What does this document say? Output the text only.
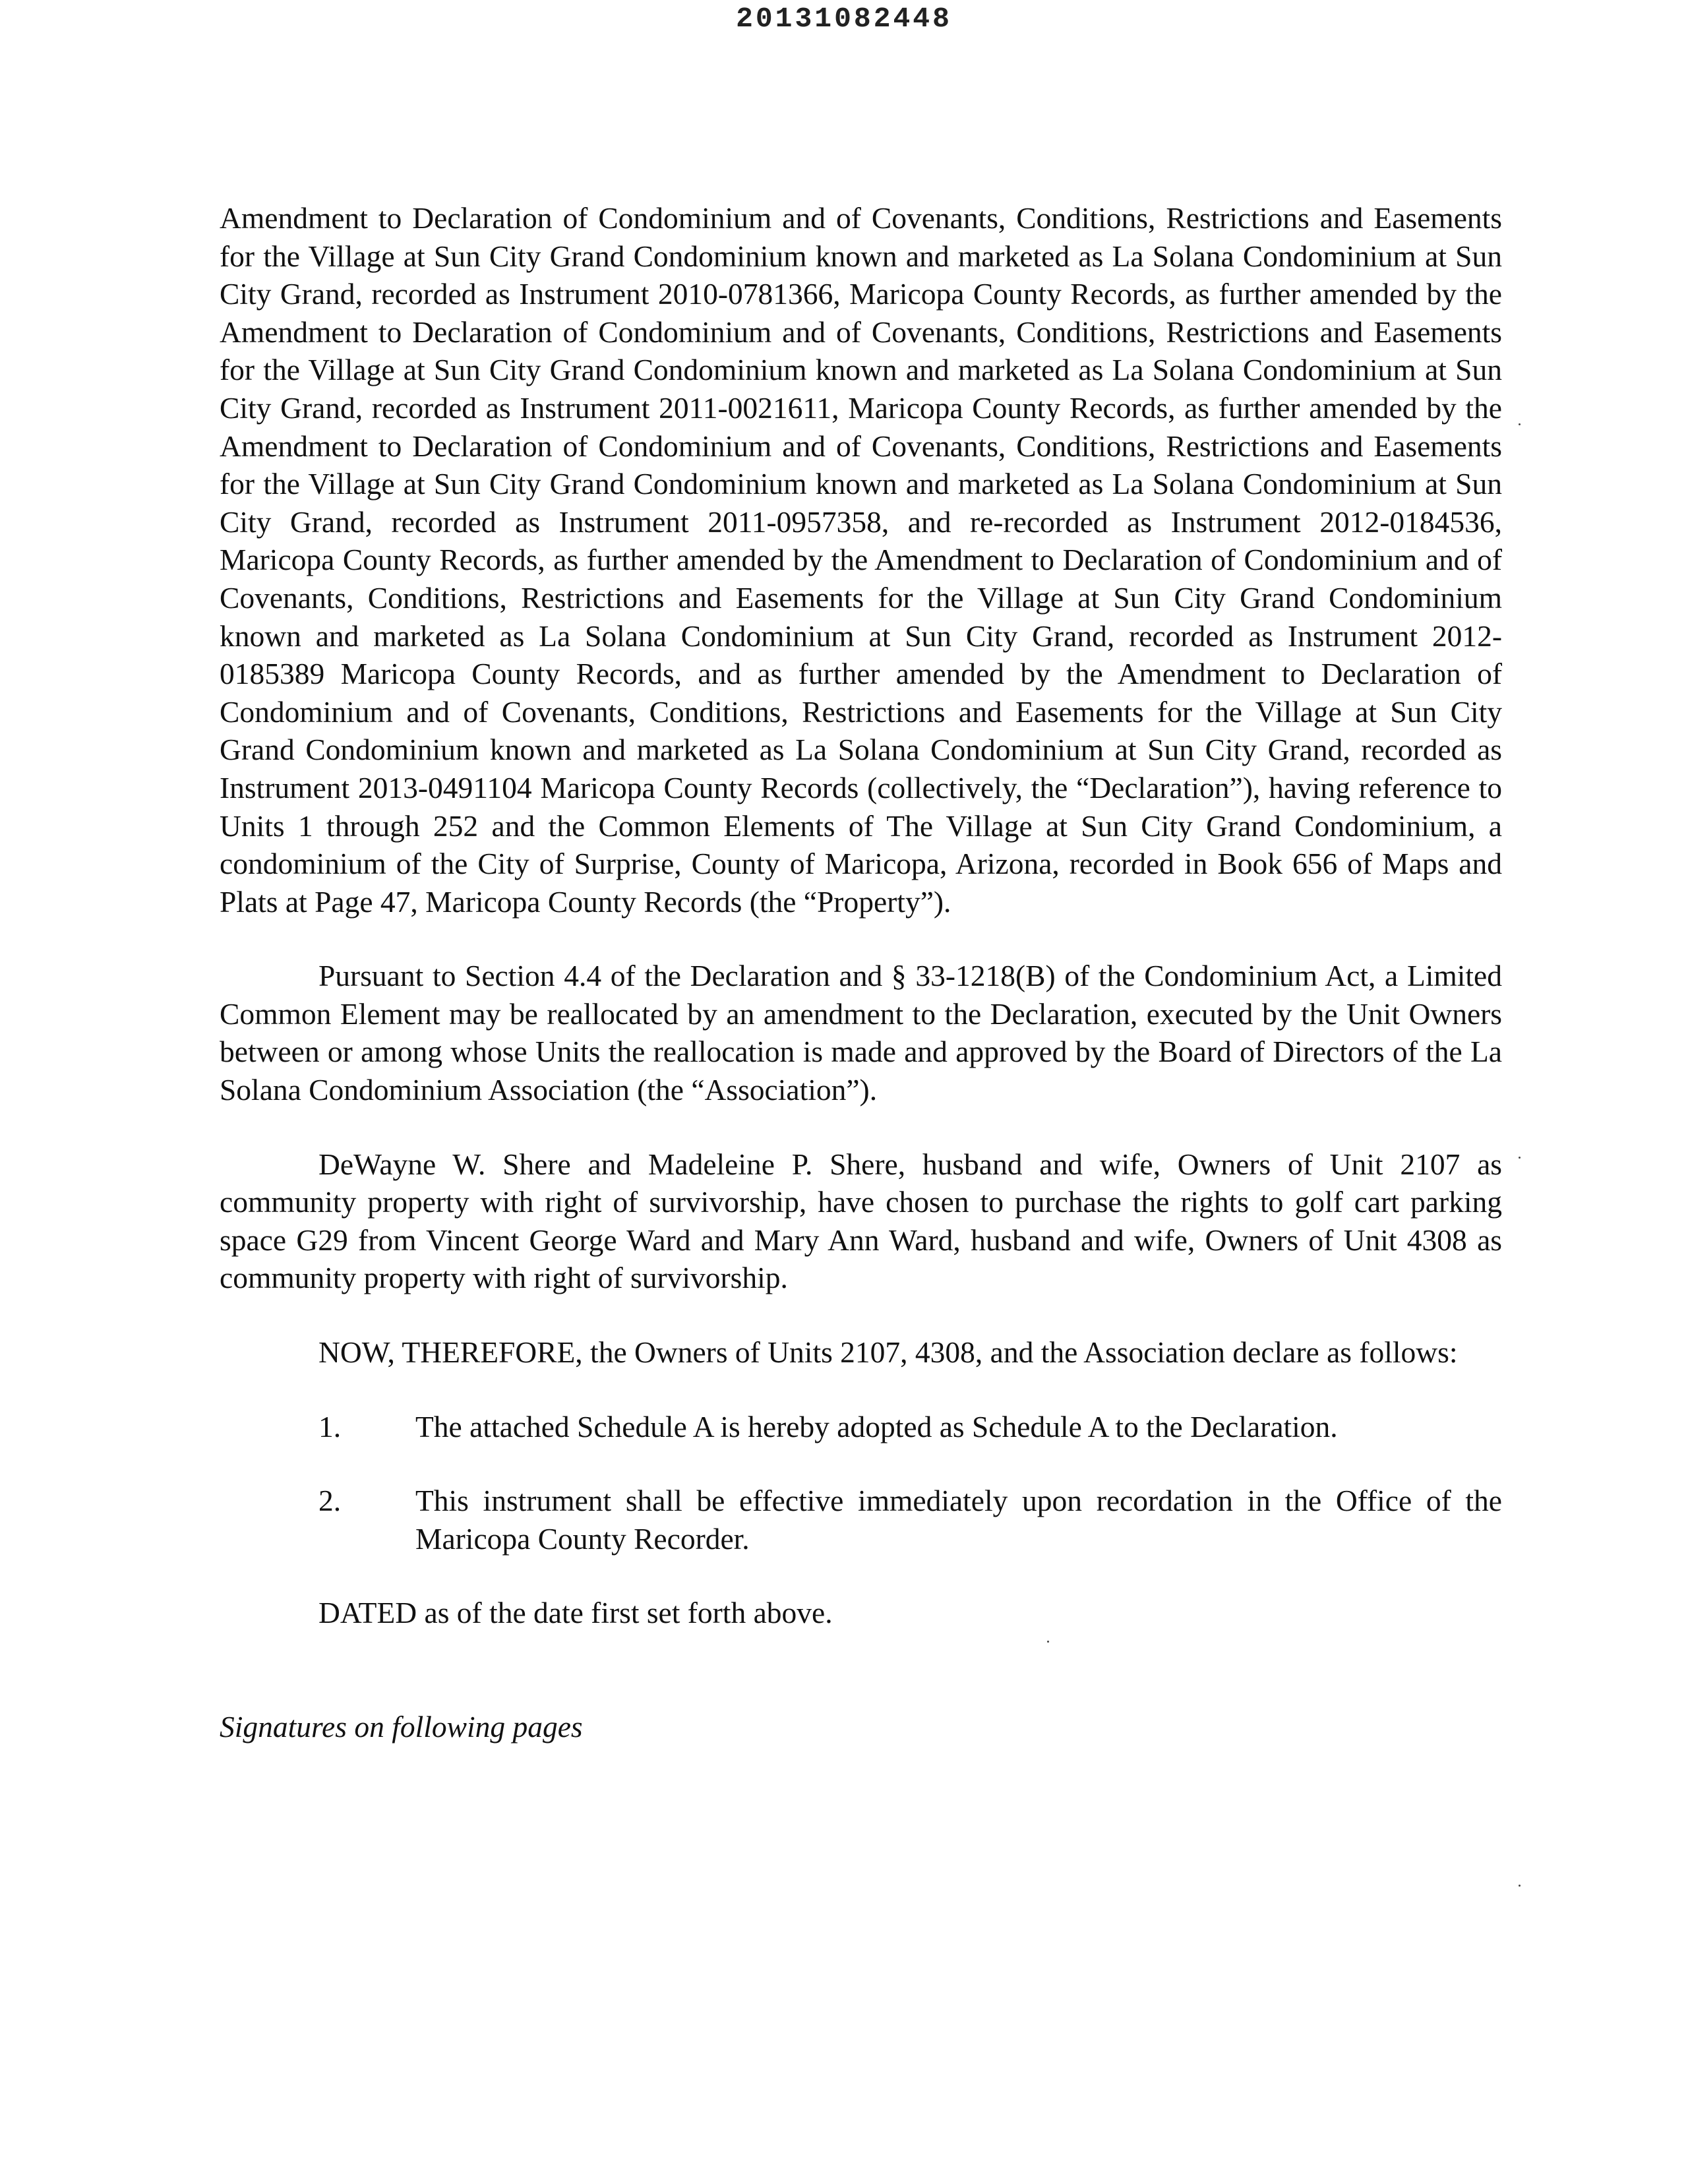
20131082448

Amendment to Declaration of Condominium and of Covenants, Conditions, Restrictions and Easements for the Village at Sun City Grand Condominium known and marketed as La Solana Condominium at Sun City Grand, recorded as Instrument 2010-0781366, Maricopa County Records, as further amended by the Amendment to Declaration of Condominium and of Covenants, Conditions, Restrictions and Easements for the Village at Sun City Grand Condominium known and marketed as La Solana Condominium at Sun City Grand, recorded as Instrument 2011-0021611, Maricopa County Records, as further amended by the Amendment to Declaration of Condominium and of Covenants, Conditions, Restrictions and Easements for the Village at Sun City Grand Condominium known and marketed as La Solana Condominium at Sun City Grand, recorded as Instrument 2011-0957358, and re-recorded as Instrument 2012-0184536, Maricopa County Records, as further amended by the Amendment to Declaration of Condominium and of Covenants, Conditions, Restrictions and Easements for the Village at Sun City Grand Condominium known and marketed as La Solana Condominium at Sun City Grand, recorded as Instrument 2012-0185389 Maricopa County Records, and as further amended by the Amendment to Declaration of Condominium and of Covenants, Conditions, Restrictions and Easements for the Village at Sun City Grand Condominium known and marketed as La Solana Condominium at Sun City Grand, recorded as Instrument 2013-0491104 Maricopa County Records (collectively, the “Declaration”), having reference to Units 1 through 252 and the Common Elements of The Village at Sun City Grand Condominium, a condominium of the City of Surprise, County of Maricopa, Arizona, recorded in Book 656 of Maps and Plats at Page 47, Maricopa County Records (the “Property”).

Pursuant to Section 4.4 of the Declaration and § 33-1218(B) of the Condominium Act, a Limited Common Element may be reallocated by an amendment to the Declaration, executed by the Unit Owners between or among whose Units the reallocation is made and approved by the Board of Directors of the La Solana Condominium Association (the “Association”).

DeWayne W. Shere and Madeleine P. Shere, husband and wife, Owners of Unit 2107 as community property with right of survivorship, have chosen to purchase the rights to golf cart parking space G29 from Vincent George Ward and Mary Ann Ward, husband and wife, Owners of Unit 4308 as community property with right of survivorship.

NOW, THEREFORE, the Owners of Units 2107, 4308, and the Association declare as follows:

1. The attached Schedule A is hereby adopted as Schedule A to the Declaration.
2. This instrument shall be effective immediately upon recordation in the Office of the Maricopa County Recorder.

DATED as of the date first set forth above.

Signatures on following pages
